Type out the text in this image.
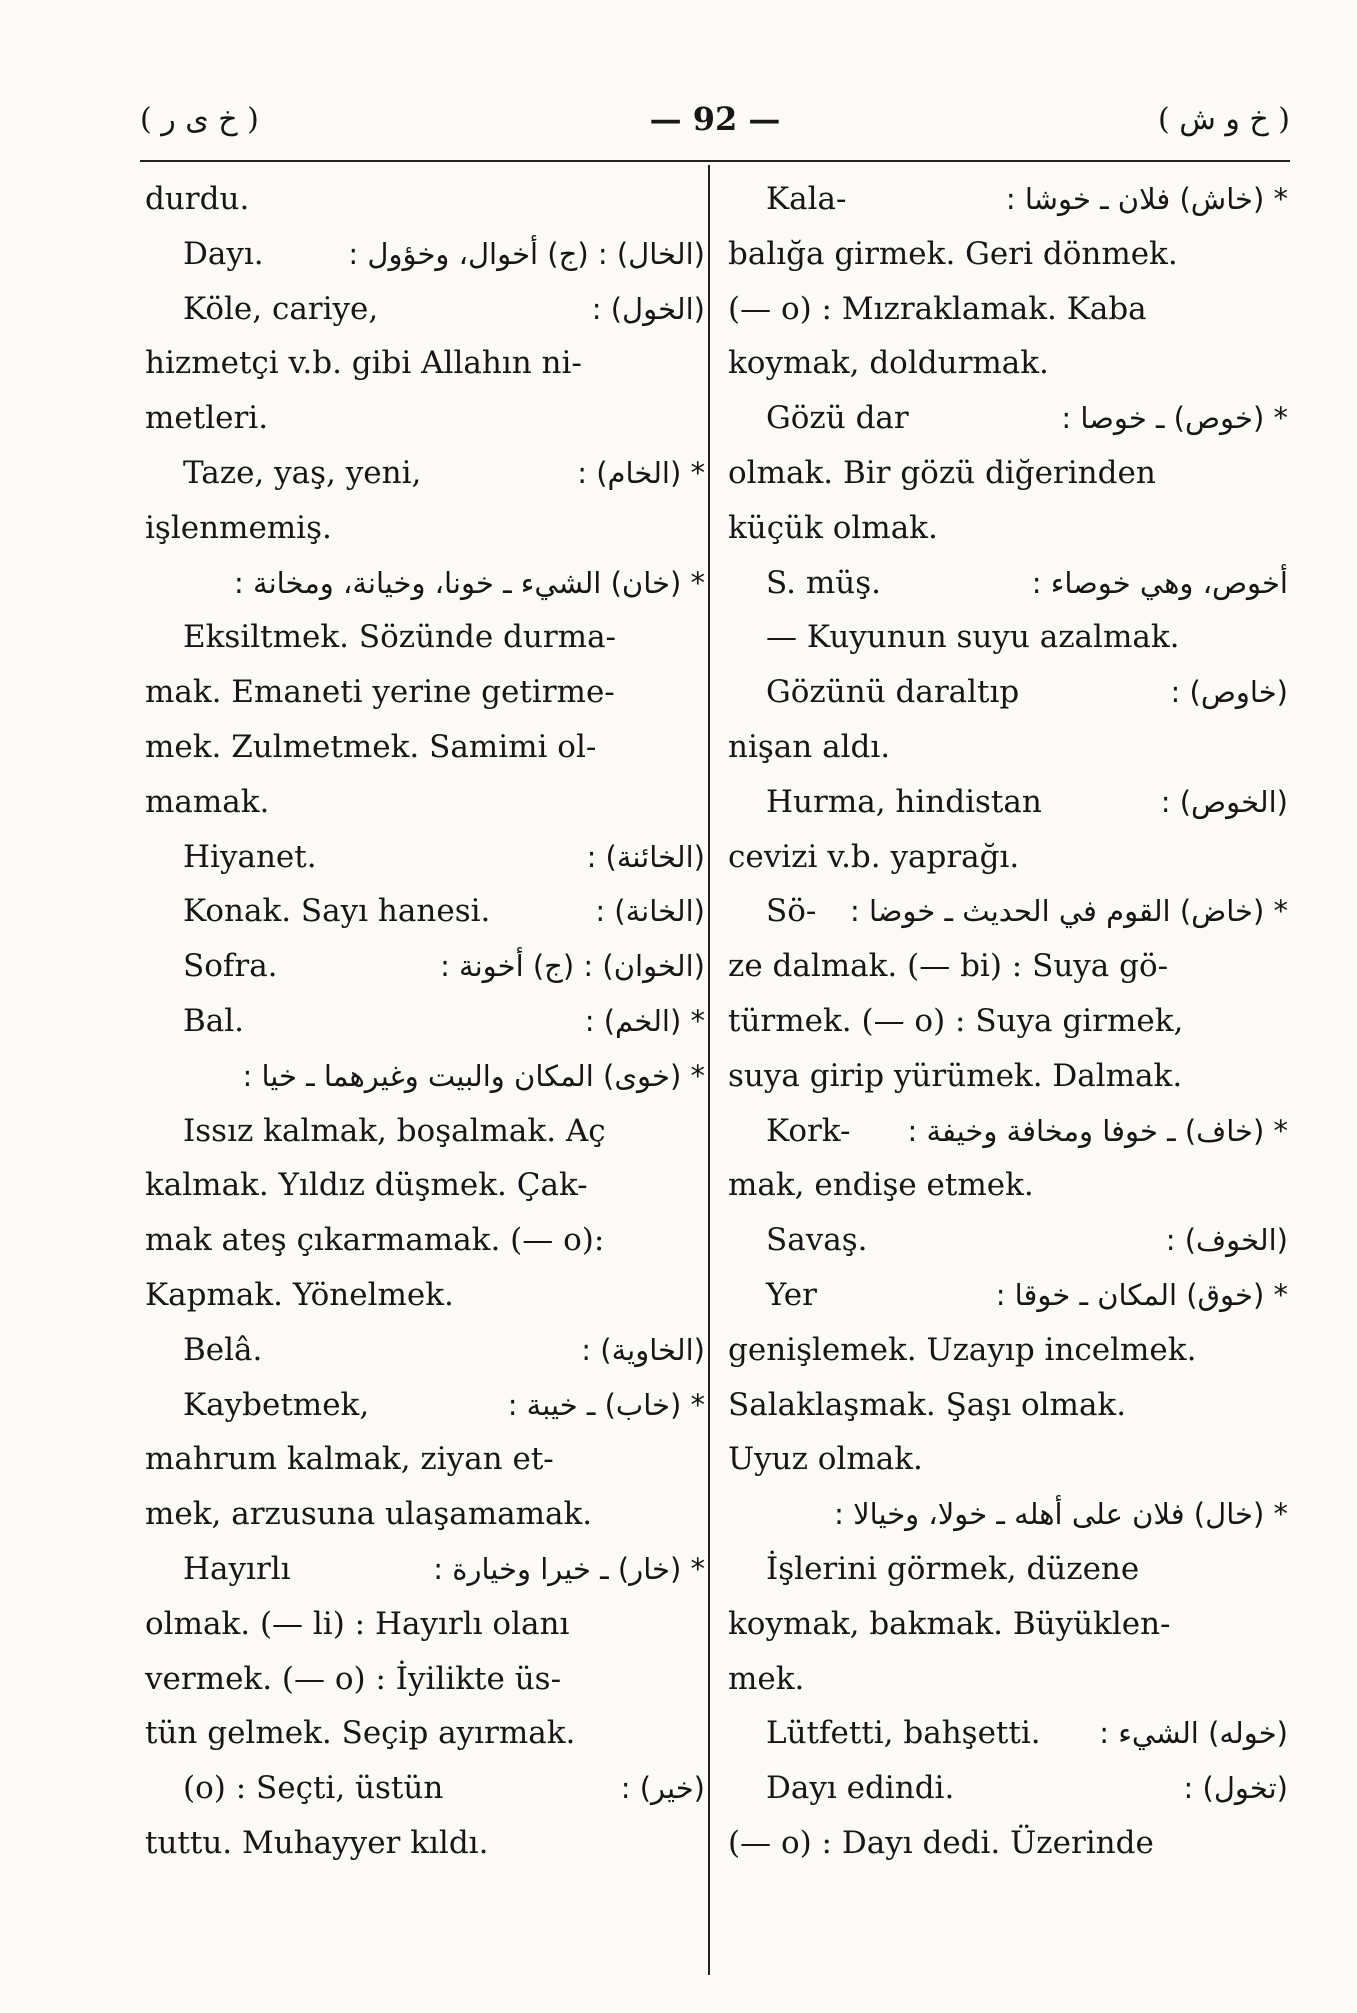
( خ ى ر )	— 92 —	( خ و ش )
durdu.
Dayı.	(الخال) : (ج) أخوال، وخؤول :
Köle, cariye,	(الخول) :
hizmetçi v.b. gibi Allahın ni-
metleri.
Taze, yaş, yeni,	* (الخام) :
işlenmemiş.
* (خان) الشيء ـ خونا، وخيانة، ومخانة :
Eksiltmek. Sözünde durma-
mak. Emaneti yerine getirme-
mek. Zulmetmek. Samimi ol-
mamak.
Hiyanet.	(الخائنة) :
Konak. Sayı hanesi.	(الخانة) :
Sofra.	(الخوان) : (ج) أخونة :
Bal.	* (الخم) :
* (خوى) المكان والبيت وغيرهما ـ خيا :
Issız kalmak, boşalmak. Aç
kalmak. Yıldız düşmek. Çak-
mak ateş çıkarmamak. (— o):
Kapmak. Yönelmek.
Belâ.	(الخاوية) :
Kaybetmek,	* (خاب) ـ خيبة :
mahrum kalmak, ziyan et-
mek, arzusuna ulaşamamak.
Hayırlı	* (خار) ـ خيرا وخيارة :
olmak. (— li) : Hayırlı olanı
vermek. (— o) : İyilikte üs-
tün gelmek. Seçip ayırmak.
(o) : Seçti, üstün	(خير) :
tuttu. Muhayyer kıldı.
Kala-	* (خاش) فلان ـ خوشا :
balığa girmek. Geri dönmek.
(— o) : Mızraklamak. Kaba
koymak, doldurmak.
Gözü dar	* (خوص) ـ خوصا :
olmak. Bir gözü diğerinden
küçük olmak.
S. müş.	أخوص، وهي خوصاء :
— Kuyunun suyu azalmak.
Gözünü daraltıp	(خاوص) :
nişan aldı.
Hurma, hindistan	(الخوص) :
cevizi v.b. yaprağı.
Sö- * (خاض) القوم في الحديث ـ خوضا :
ze dalmak. (— bi) : Suya gö-
türmek. (— o) : Suya girmek,
suya girip yürümek. Dalmak.
Kork- * (خاف) ـ خوفا ومخافة وخيفة :
mak, endişe etmek.
Savaş.	(الخوف) :
Yer	* (خوق) المكان ـ خوقا :
genişlemek. Uzayıp incelmek.
Salaklaşmak. Şaşı olmak.
Uyuz olmak.
* (خال) فلان على أهله ـ خولا، وخيالا :
İşlerini görmek, düzene
koymak, bakmak. Büyüklen-
mek.
Lütfetti, bahşetti. (خوله) الشيء :
Dayı edindi.	(تخول) :
(— o) : Dayı dedi. Üzerinde
